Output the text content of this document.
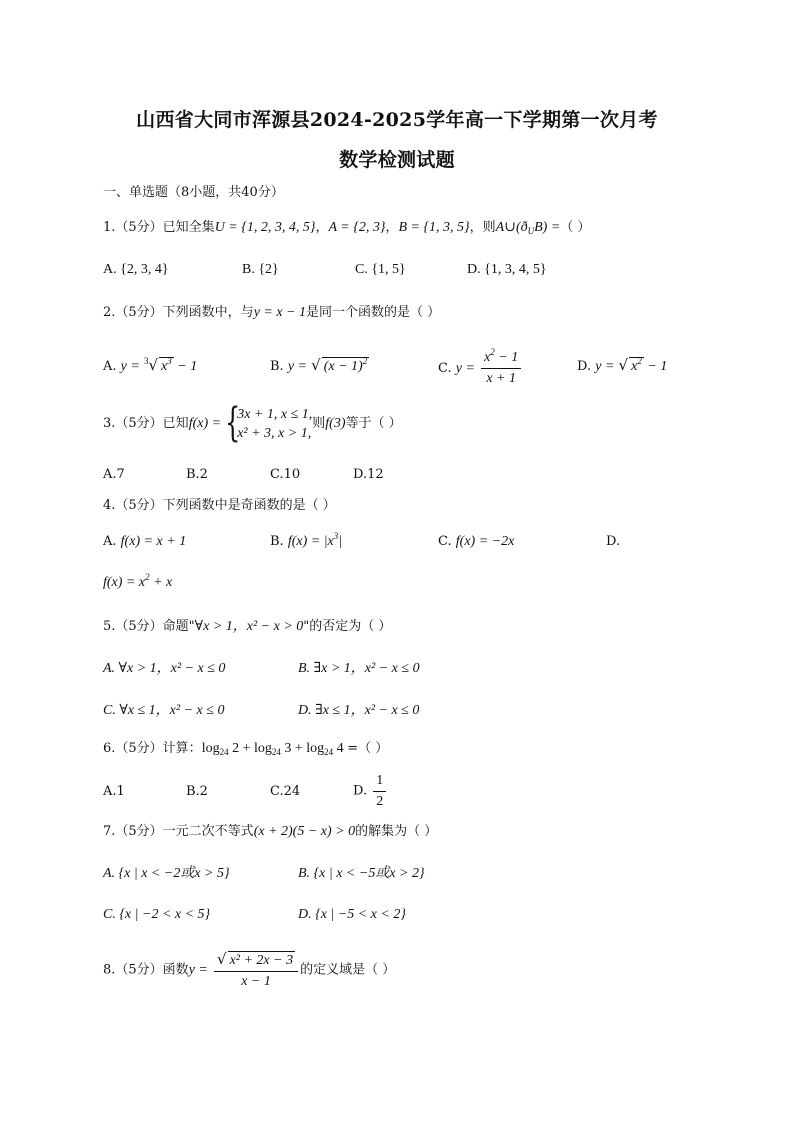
山西省大同市浑源县2024-2025学年高一下学期第一次月考
数学检测试题
一、单选题（8小题，共40分）
1.（5分）已知全集U = {1, 2, 3, 4, 5}，A = {2, 3}，B = {1, 3, 5}，则$A\cup(ð_UB)$ =（ ）
A. {2, 3, 4}	B. {2}	C. {1, 5}	D. {1, 3, 4, 5}
2.（5分）下列函数中，与y = x − 1是同一个函数的是（ ）
A. y = $^3$√ $x^3 - 1$	B. y = √ $(x - 1)^2$	C. $y = \frac{x^2 - 1}{x + 1}$	D. y = √ $x^2 - 1$
3.（5分）已知f(x) = {
3x + 1, x ≤ 1,
x² + 3, x > 1,
则f(3)等于（ ）
A.7	B.2	C.10	D.12
4.（5分）下列函数中是奇函数的是（ ）
A. f(x) = x + 1	B. $f(x) = |x^3|$	C. f(x) = −2x	D.
$f(x) = x^2 + x$
5.（5分）命题"∀x > 1，x² − x > 0"的否定为（ ）
A. ∀x > 1，x² − x ≤ 0	B. ∃x > 1，x² − x ≤ 0
C. ∀x ≤ 1，x² − x ≤ 0	D. ∃x ≤ 1，x² − x ≤ 0
6.（5分）计算：$\log_{24} 2 + \log_{24} 3 + \log_{24} 4$ =（ ）
A.1	B.2	C.24	D. $\frac{1}{2}$
7.（5分）一元二次不等式(x + 2)(5 − x) > 0的解集为（ ）
A. {x | x < −2或x > 5}	B. {x | x < −5或x > 2}
C. {x | −2 < x < 5}	D. {x | −5 < x < 2}
8.（5分）函数$y = \frac{\text{√ x² + 2x − 3}}{x - 1}$ 的定义域是（ ）
